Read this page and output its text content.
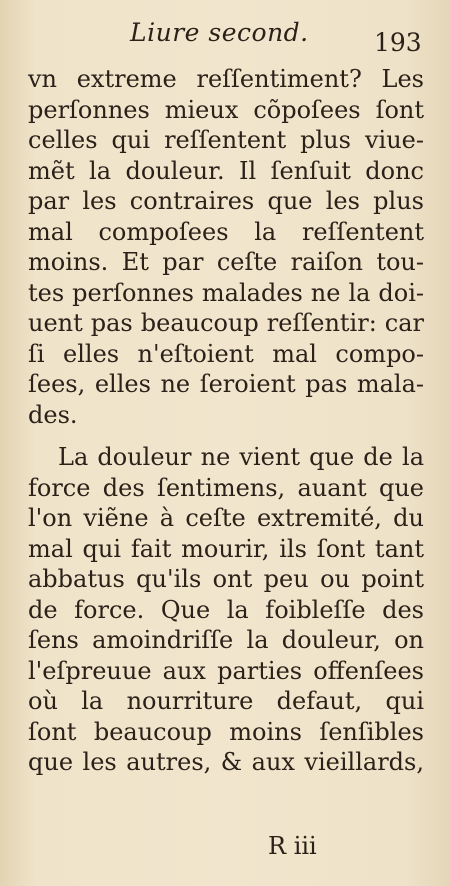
Liure second.	193
vn extreme reſſentiment? Les
perſonnes mieux cõpoſees ſont
celles qui reſſentent plus viue-
mẽt la douleur. Il ſenſuit donc
par les contraires que les plus
mal compoſees la reſſentent
moins. Et par ceſte raiſon tou-
tes perſonnes malades ne la doi-
uent pas beaucoup reſſentir: car
ſi elles n'eſtoient mal compo-
ſees, elles ne ſeroient pas mala-
des.
La douleur ne vient que de la
force des ſentimens, auant que
l'on viẽne à ceſte extremité, du
mal qui fait mourir, ils ſont tant
abbatus qu'ils ont peu ou point
de force. Que la foibleſſe des
ſens amoindriſſe la douleur, on
l'eſpreuue aux parties offenſees
où la nourriture defaut, qui
ſont beaucoup moins ſenſibles
que les autres, & aux vieillards,
R iii
